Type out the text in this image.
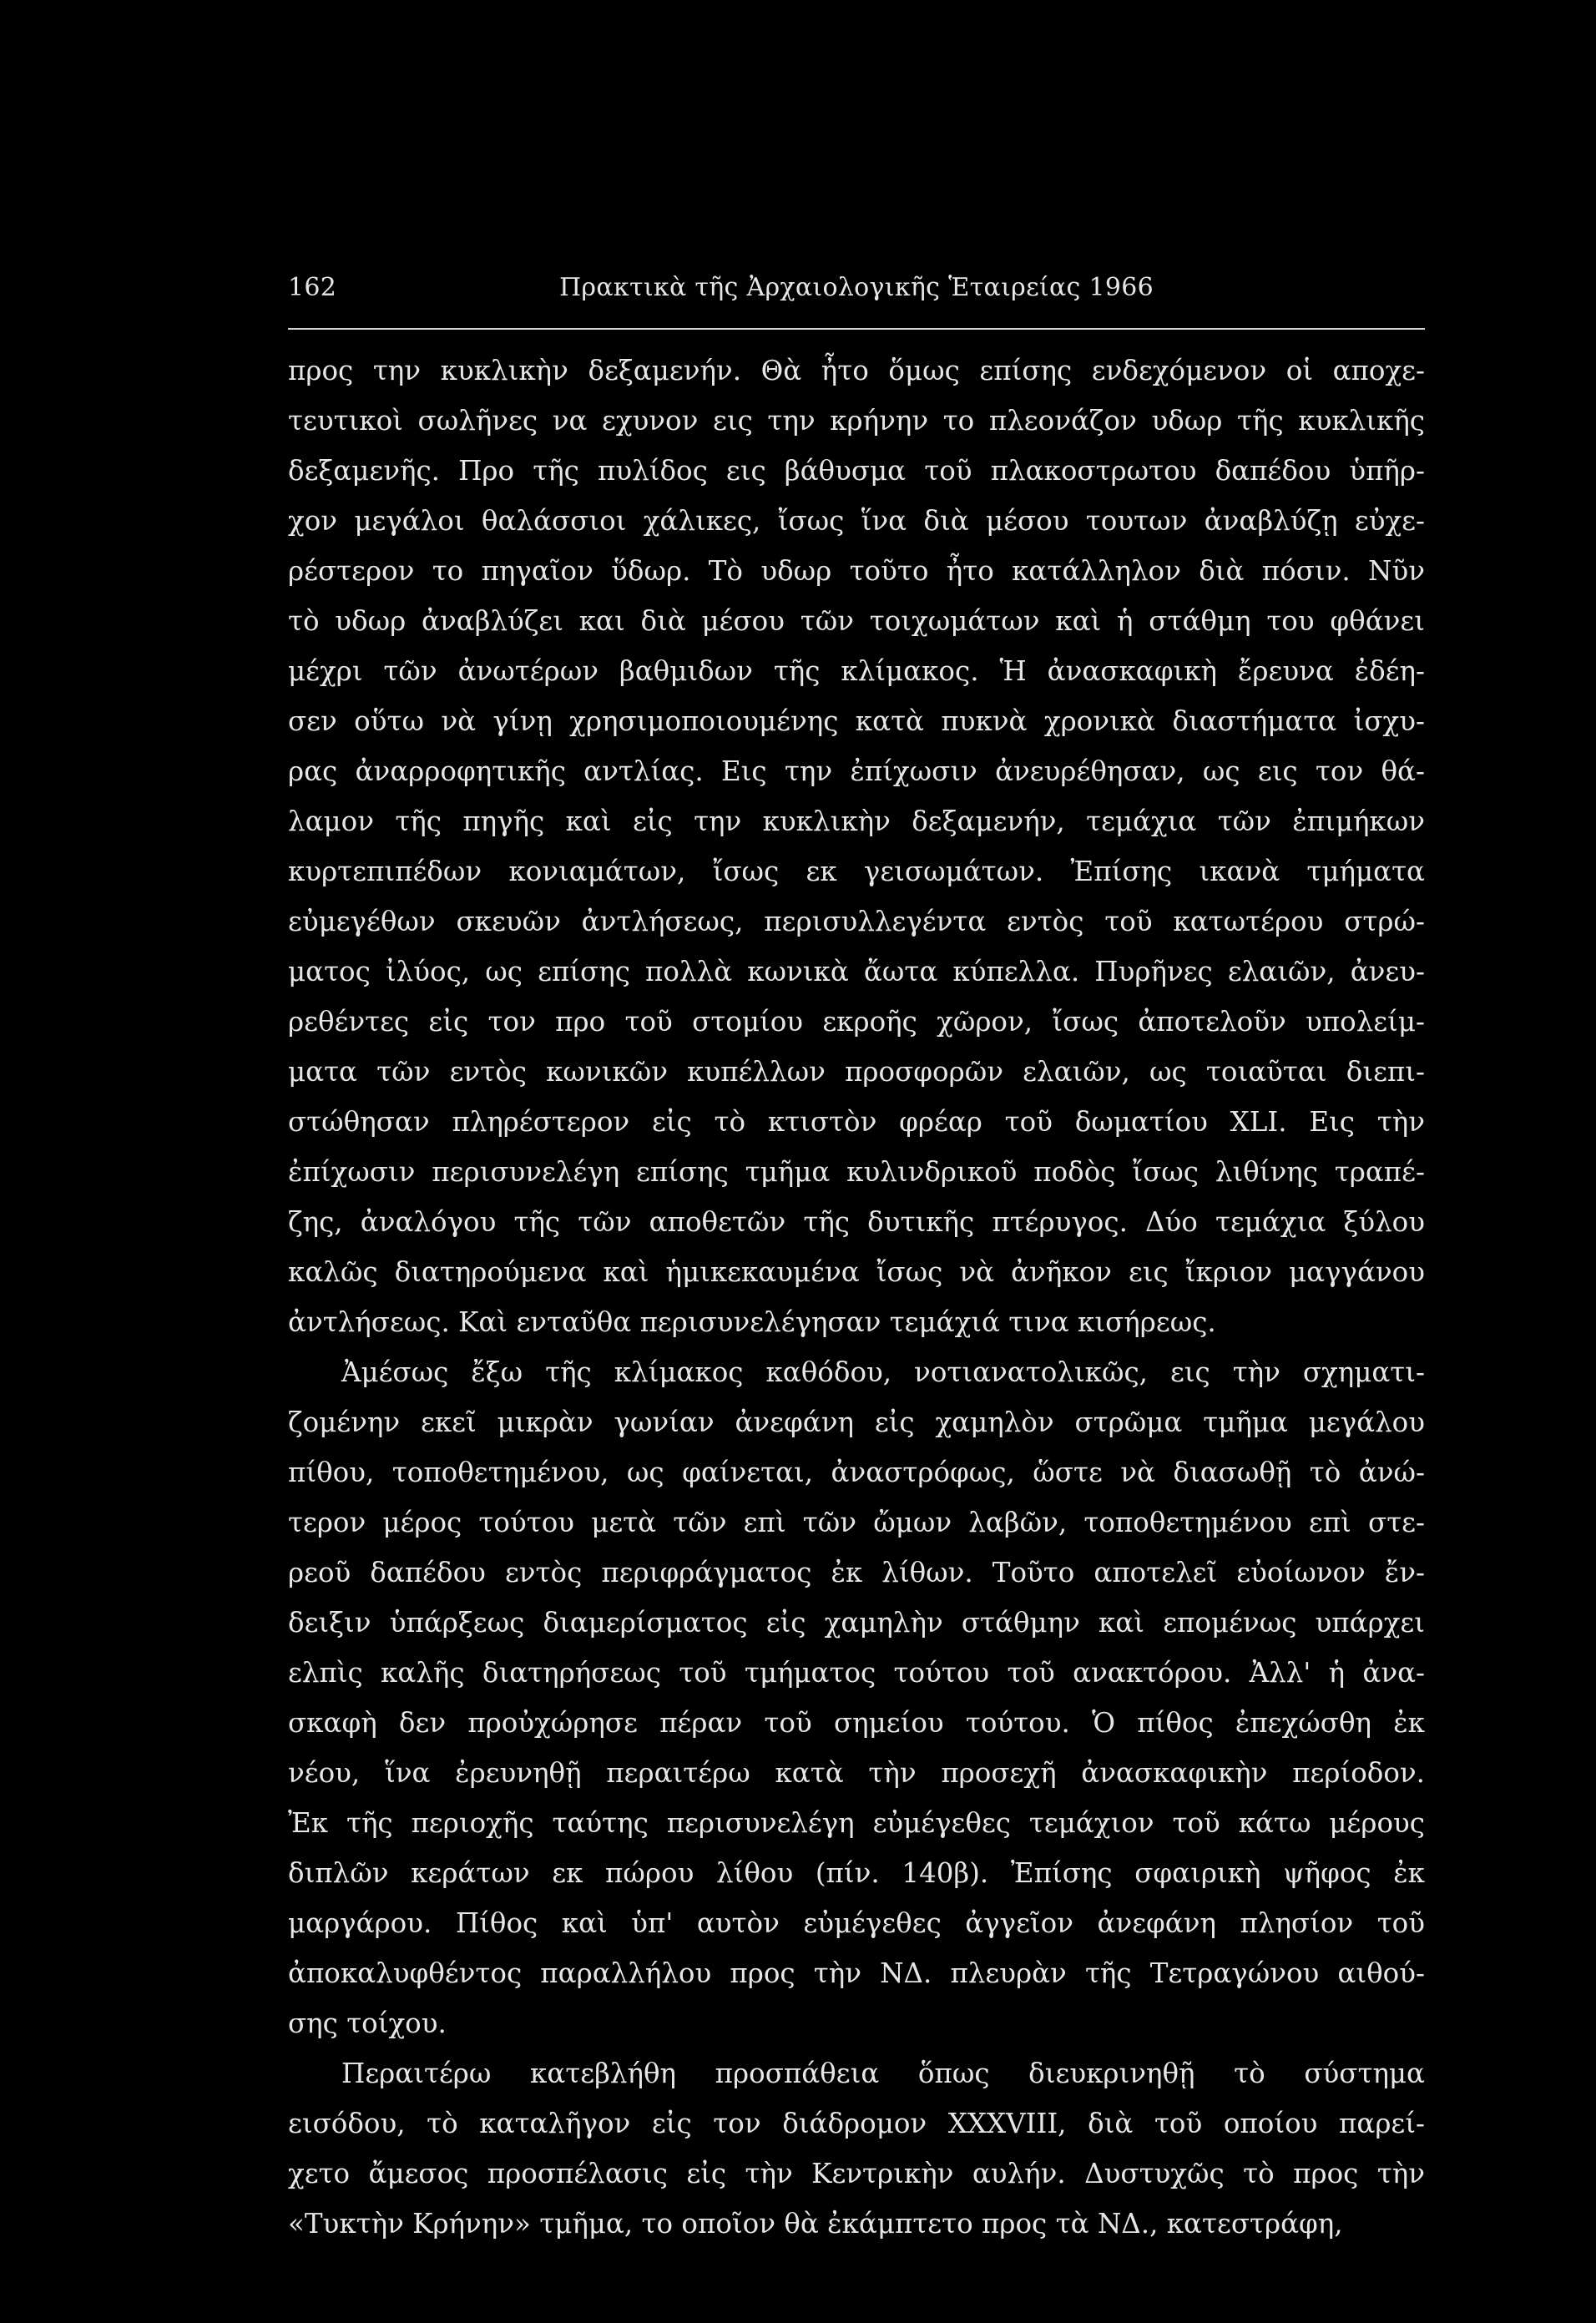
162	Πρακτικὰ τῆς Ἀρχαιολογικῆς Ἑταιρείας 1966
προς την κυκλικὴν δεξαμενήν. Θὰ ἦτο ὅμως επίσης ενδεχόμενον οἱ αποχε-
τευτικοὶ σωλῆνες να εχυνον εις την κρήνην το πλεονάζον υδωρ τῆς κυκλικῆς
δεξαμενῆς. Προ τῆς πυλίδος εις βάθυσμα τοῦ πλακοστρωτου δαπέδου ὑπῆρ-
χον μεγάλοι θαλάσσιοι χάλικες, ἴσως ἵνα διὰ μέσου τουτων ἀναβλύζῃ εὐχε-
ρέστερον το πηγαῖον ὕδωρ. Τὸ υδωρ τοῦτο ἦτο κατάλληλον διὰ πόσιν. Νῦν
τὸ υδωρ ἀναβλύζει και διὰ μέσου τῶν τοιχωμάτων καὶ ἡ στάθμη του φθάνει
μέχρι τῶν ἀνωτέρων βαθμιδων τῆς κλίμακος. Ἡ ἀνασκαφικὴ ἔρευνα ἐδέη-
σεν οὕτω νὰ γίνῃ χρησιμοποιουμένης κατὰ πυκνὰ χρονικὰ διαστήματα ἰσχυ-
ρας ἀναρροφητικῆς αντλίας. Εις την ἐπίχωσιν ἀνευρέθησαν, ως εις τον θά-
λαμον τῆς πηγῆς καὶ εἰς την κυκλικὴν δεξαμενήν, τεμάχια τῶν ἐπιμήκων
κυρτεπιπέδων κονιαμάτων, ἴσως εκ γεισωμάτων. Ἐπίσης ικανὰ τμήματα
εὐμεγέθων σκευῶν ἀντλήσεως, περισυλλεγέντα εντὸς τοῦ κατωτέρου στρώ-
ματος ἰλύος, ως επίσης πολλὰ κωνικὰ ἄωτα κύπελλα. Πυρῆνες ελαιῶν, ἀνευ-
ρεθέντες εἰς τον προ τοῦ στομίου εκροῆς χῶρον, ἴσως ἀποτελοῦν υπολείμ-
ματα τῶν εντὸς κωνικῶν κυπέλλων προσφορῶν ελαιῶν, ως τοιαῦται διεπι-
στώθησαν πληρέστερον εἰς τὸ κτιστὸν φρέαρ τοῦ δωματίου XLI. Εις τὴν
ἐπίχωσιν περισυνελέγη επίσης τμῆμα κυλινδρικοῦ ποδὸς ἴσως λιθίνης τραπέ-
ζης, ἀναλόγου τῆς τῶν αποθετῶν τῆς δυτικῆς πτέρυγος. Δύο τεμάχια ξύλου
καλῶς διατηρούμενα καὶ ἡμικεκαυμένα ἴσως νὰ ἀνῆκον εις ἴκριον μαγγάνου
ἀντλήσεως. Καὶ ενταῦθα περισυνελέγησαν τεμάχιά τινα κισήρεως.
Ἀμέσως ἔξω τῆς κλίμακος καθόδου, νοτιανατολικῶς, εις τὴν σχηματι-
ζομένην εκεῖ μικρὰν γωνίαν ἀνεφάνη εἰς χαμηλὸν στρῶμα τμῆμα μεγάλου
πίθου, τοποθετημένου, ως φαίνεται, ἀναστρόφως, ὥστε νὰ διασωθῇ τὸ ἀνώ-
τερον μέρος τούτου μετὰ τῶν επὶ τῶν ὤμων λαβῶν, τοποθετημένου επὶ στε-
ρεοῦ δαπέδου εντὸς περιφράγματος ἐκ λίθων. Τοῦτο αποτελεῖ εὐοίωνον ἔν-
δειξιν ὑπάρξεως διαμερίσματος εἰς χαμηλὴν στάθμην καὶ επομένως υπάρχει
ελπὶς καλῆς διατηρήσεως τοῦ τμήματος τούτου τοῦ ανακτόρου. Ἀλλ' ἡ ἀνα-
σκαφὴ δεν προὐχώρησε πέραν τοῦ σημείου τούτου. Ὁ πίθος ἐπεχώσθη ἐκ
νέου, ἵνα ἐρευνηθῇ περαιτέρω κατὰ τὴν προσεχῆ ἀνασκαφικὴν περίοδον.
Ἐκ τῆς περιοχῆς ταύτης περισυνελέγη εὐμέγεθες τεμάχιον τοῦ κάτω μέρους
διπλῶν κεράτων εκ πώρου λίθου (πίν. 140β). Ἐπίσης σφαιρικὴ ψῆφος ἐκ
μαργάρου. Πίθος καὶ ὑπ' αυτὸν εὐμέγεθες ἀγγεῖον ἀνεφάνη πλησίον τοῦ
ἀποκαλυφθέντος παραλλήλου προς τὴν ΝΔ. πλευρὰν τῆς Τετραγώνου αιθού-
σης τοίχου.
Περαιτέρω κατεβλήθη προσπάθεια ὅπως διευκρινηθῇ τὸ σύστημα
εισόδου, τὸ καταλῆγον εἰς τον διάδρομον XXXVIII, διὰ τοῦ οποίου παρεί-
χετο ἄμεσος προσπέλασις εἰς τὴν Κεντρικὴν αυλήν. Δυστυχῶς τὸ προς τὴν
«Τυκτὴν Κρήνην» τμῆμα, το οποῖον θὰ ἐκάμπτετο προς τὰ ΝΔ., κατεστράφη,
